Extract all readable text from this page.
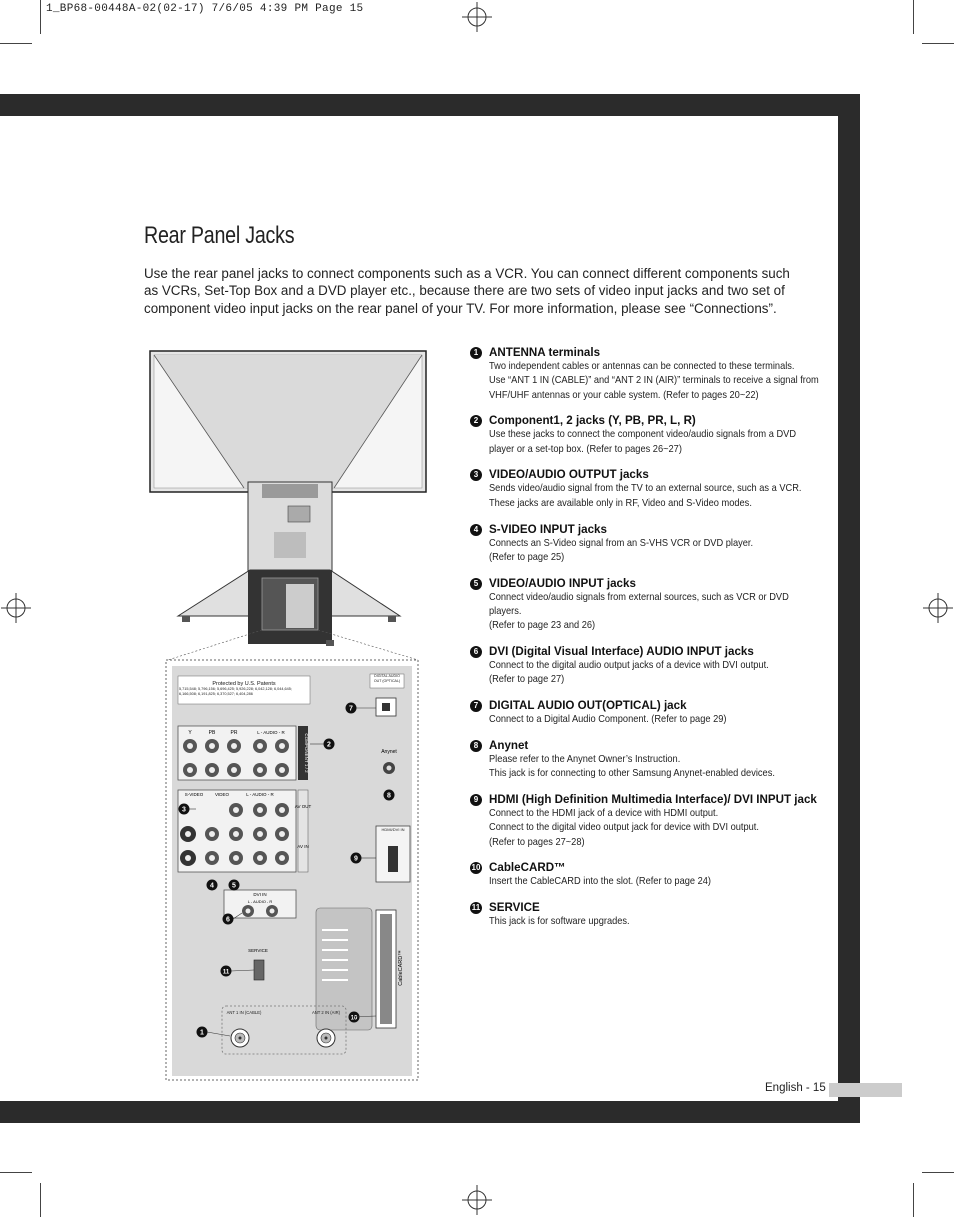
1_BP68-00448A-02(02-17) 7/6/05 4:39 PM Page 15
Rear Panel Jacks
Use the rear panel jacks to connect components such as a VCR. You can connect different components such as VCRs, Set-Top Box and a DVD player etc., because there are two sets of video input jacks and two set of component video input jacks on the rear panel of your TV. For more information, please see “Connections”.
Protected by U.S. Patents
5,715,548; 5,796,156; 5,696,425; 5,926,228; 6,042,128; 6,044,645; 6,166,508; 6,191,825; 6,370,527; 6,404,286
DIGITAL AUDIO OUT (OPTICAL)
Y	PB	PR	L - AUDIO - R
COMPONENT 1 / 2	Anynet
S-VIDEO	VIDEO	L - AUDIO - R
AV OUT
AV IN
HDMI/DVI IN
DVI IN
L - AUDIO - R
SERVICE	CableCARD™
ANT 1 IN (CABLE)	ANT 2 IN (AIR)
7
2
8
3
9
4	5
6
11
10
1
1 ANTENNA terminals
Two independent cables or antennas can be connected to these terminals.
Use “ANT 1 IN (CABLE)” and “ANT 2 IN (AIR)” terminals to receive a signal from VHF/UHF antennas or your cable system. (Refer to pages 20~22)
2 Component1, 2 jacks (Y, PB, PR, L, R)
Use these jacks to connect the component video/audio signals from a DVD player or a set-top box. (Refer to pages 26~27)
3 VIDEO/AUDIO OUTPUT jacks
Sends video/audio signal from the TV to an external source, such as a VCR.
These jacks are available only in RF, Video and S-Video modes.
4 S-VIDEO INPUT jacks
Connects an S-Video signal from an S-VHS VCR or DVD player.
(Refer to page 25)
5 VIDEO/AUDIO INPUT jacks
Connect video/audio signals from external sources, such as VCR or DVD players.
(Refer to page 23 and 26)
6 DVI (Digital Visual Interface) AUDIO INPUT jacks
Connect to the digital audio output jacks of a device with DVI output.
(Refer to page 27)
7 DIGITAL AUDIO OUT(OPTICAL) jack
Connect to a Digital Audio Component. (Refer to page 29)
8 Anynet
Please refer to the Anynet Owner’s Instruction.
This jack is for connecting to other Samsung Anynet-enabled devices.
9 HDMI (High Definition Multimedia Interface)/ DVI INPUT jack
Connect to the HDMI jack of a device with HDMI output.
Connect to the digital video output jack for device with DVI output.
(Refer to pages 27~28)
10 CableCARD™
Insert the CableCARD into the slot. (Refer to page 24)
11 SERVICE
This jack is for software upgrades.
English - 15
